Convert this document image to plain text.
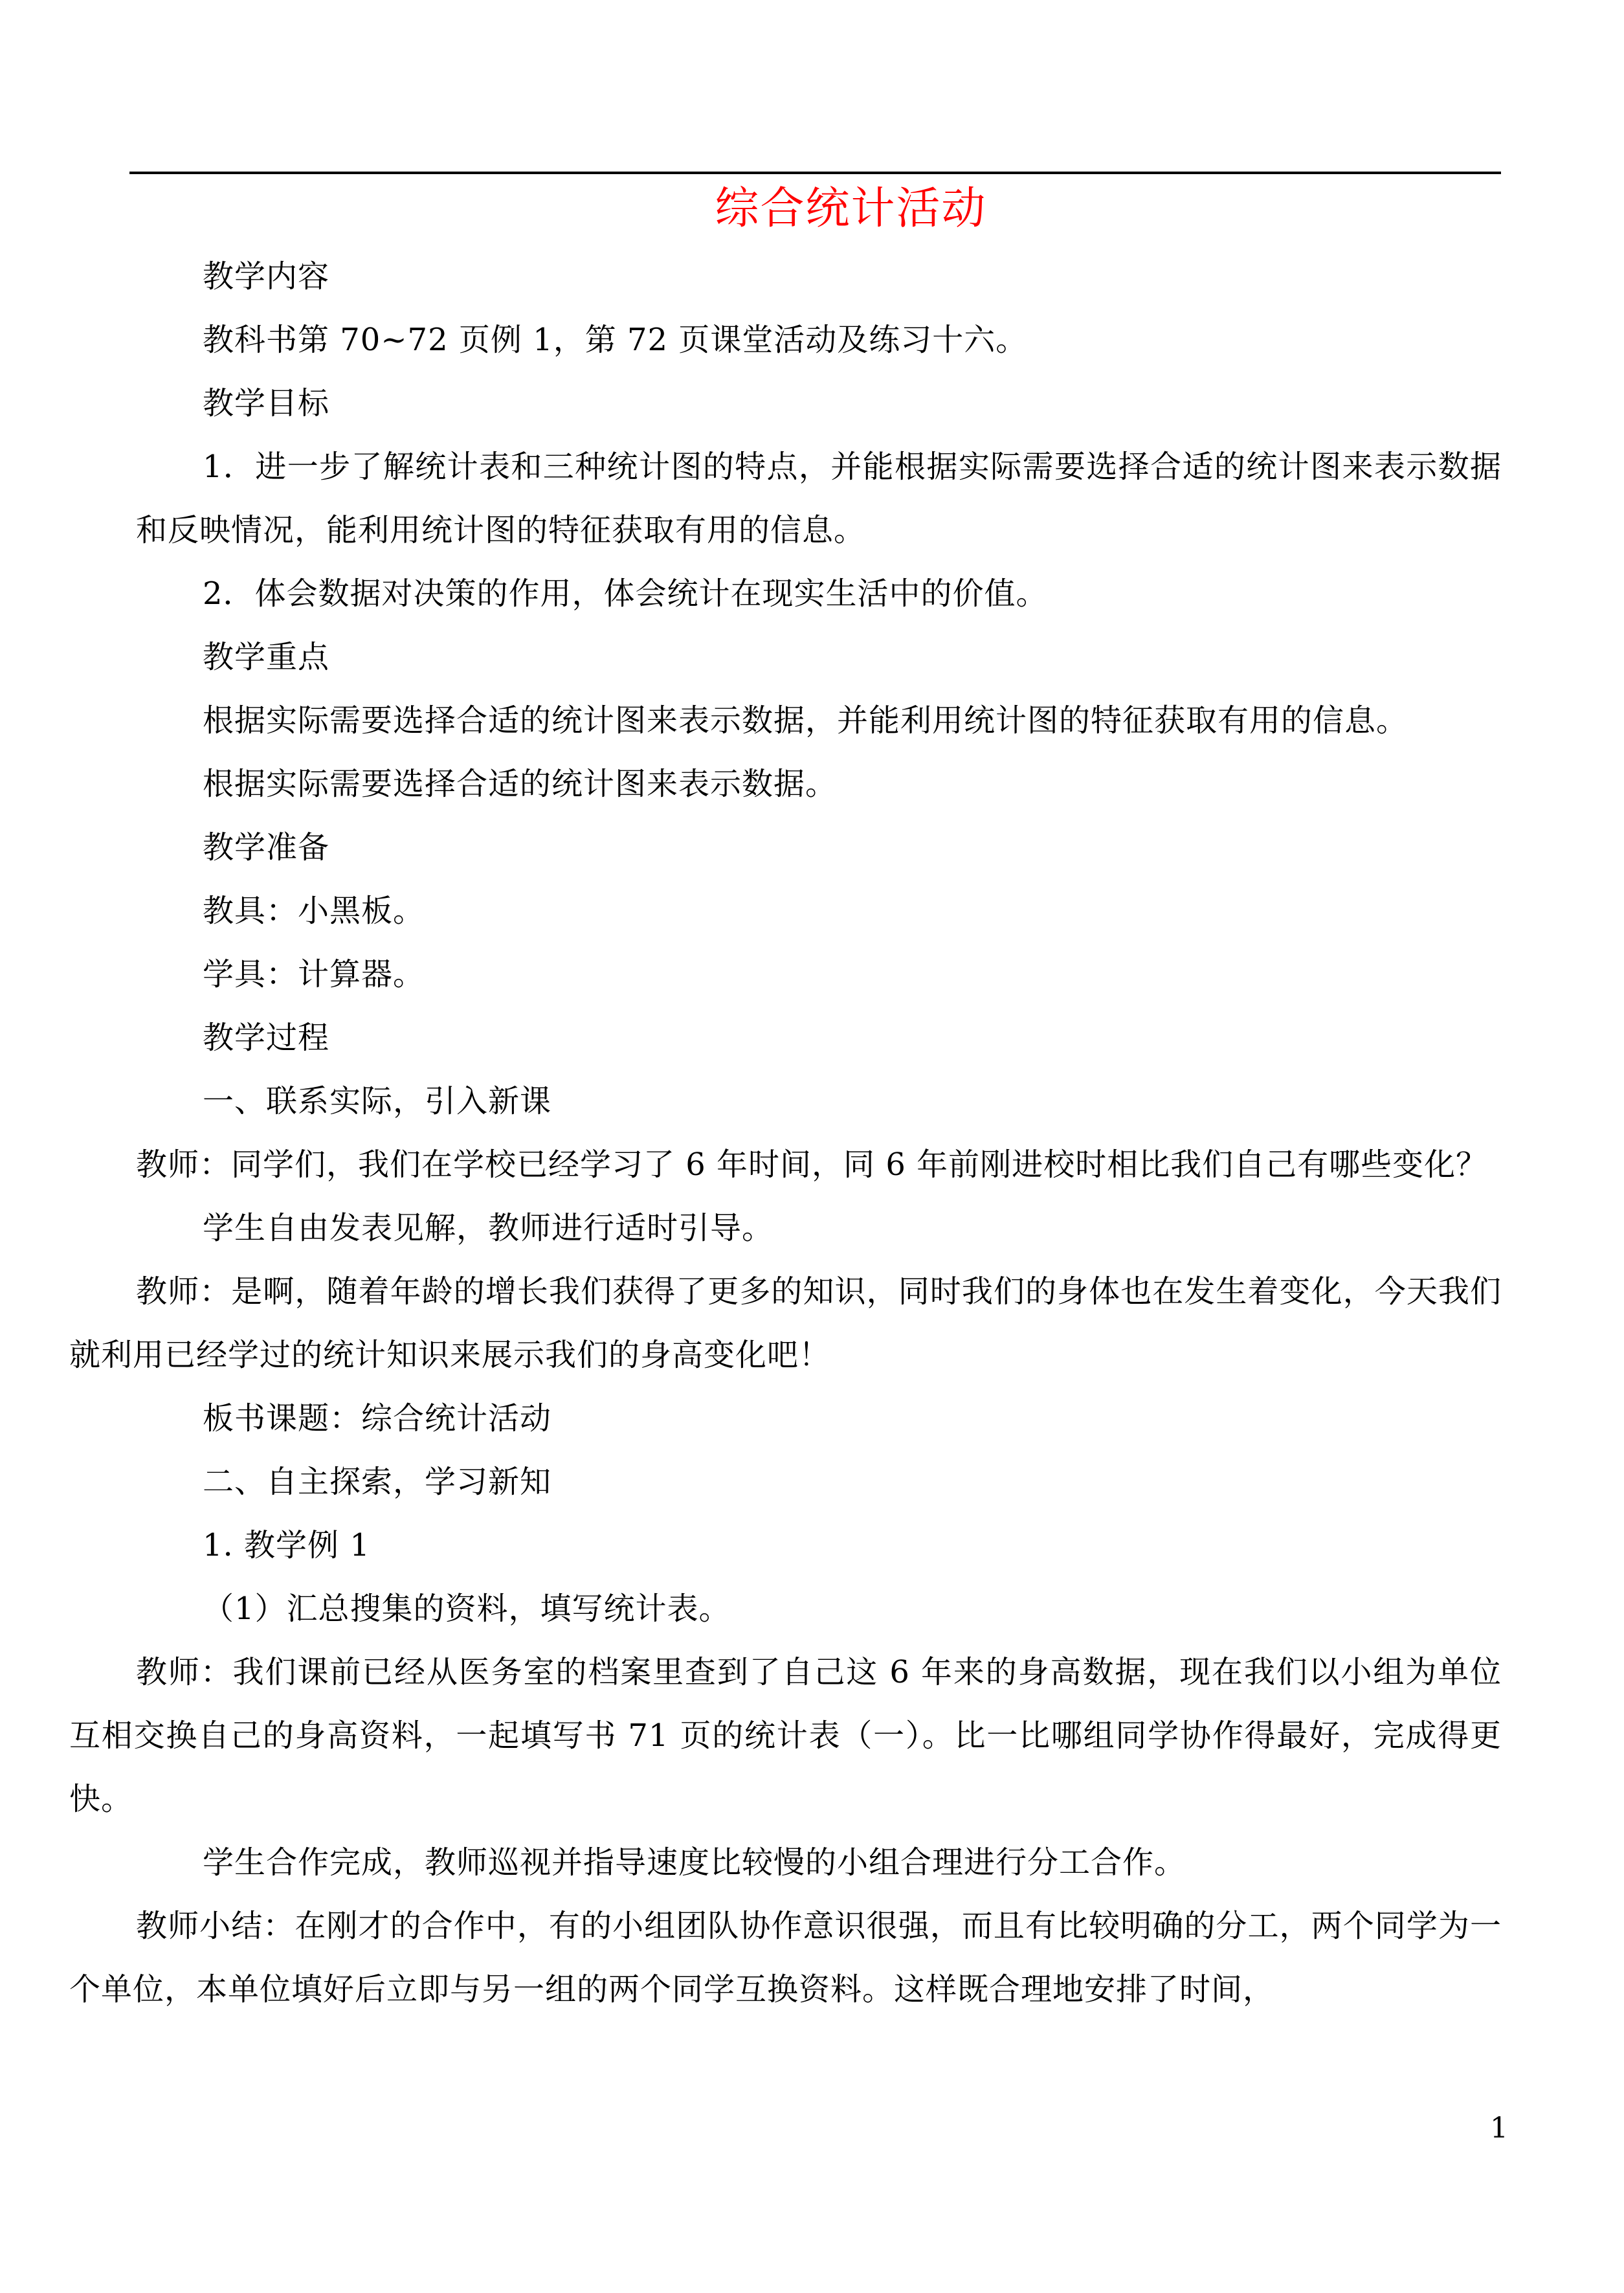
综合统计活动

教学内容

教科书第 70~72 页例 1，第 72 页课堂活动及练习十六。

教学目标

1．进一步了解统计表和三种统计图的特点，并能根据实际需要选择合适的统计图来表示数据和反映情况，能利用统计图的特征获取有用的信息。

2．体会数据对决策的作用，体会统计在现实生活中的价值。

教学重点

根据实际需要选择合适的统计图来表示数据，并能利用统计图的特征获取有用的信息。

根据实际需要选择合适的统计图来表示数据。

教学准备

教具：小黑板。

学具：计算器。

教学过程

一、联系实际，引入新课

教师：同学们，我们在学校已经学习了 6 年时间，同 6 年前刚进校时相比我们自己有哪些变化？

学生自由发表见解，教师进行适时引导。

教师：是啊，随着年龄的增长我们获得了更多的知识，同时我们的身体也在发生着变化，今天我们就利用已经学过的统计知识来展示我们的身高变化吧！

板书课题：综合统计活动

二、自主探索，学习新知

1. 教学例 1

（1）汇总搜集的资料，填写统计表。

教师：我们课前已经从医务室的档案里查到了自己这 6 年来的身高数据，现在我们以小组为单位互相交换自己的身高资料，一起填写书 71 页的统计表（一）。比一比哪组同学协作得最好，完成得更快。

学生合作完成，教师巡视并指导速度比较慢的小组合理进行分工合作。

教师小结：在刚才的合作中，有的小组团队协作意识很强，而且有比较明确的分工，两个同学为一个单位，本单位填好后立即与另一组的两个同学互换资料。这样既合理地安排了时间，

1
